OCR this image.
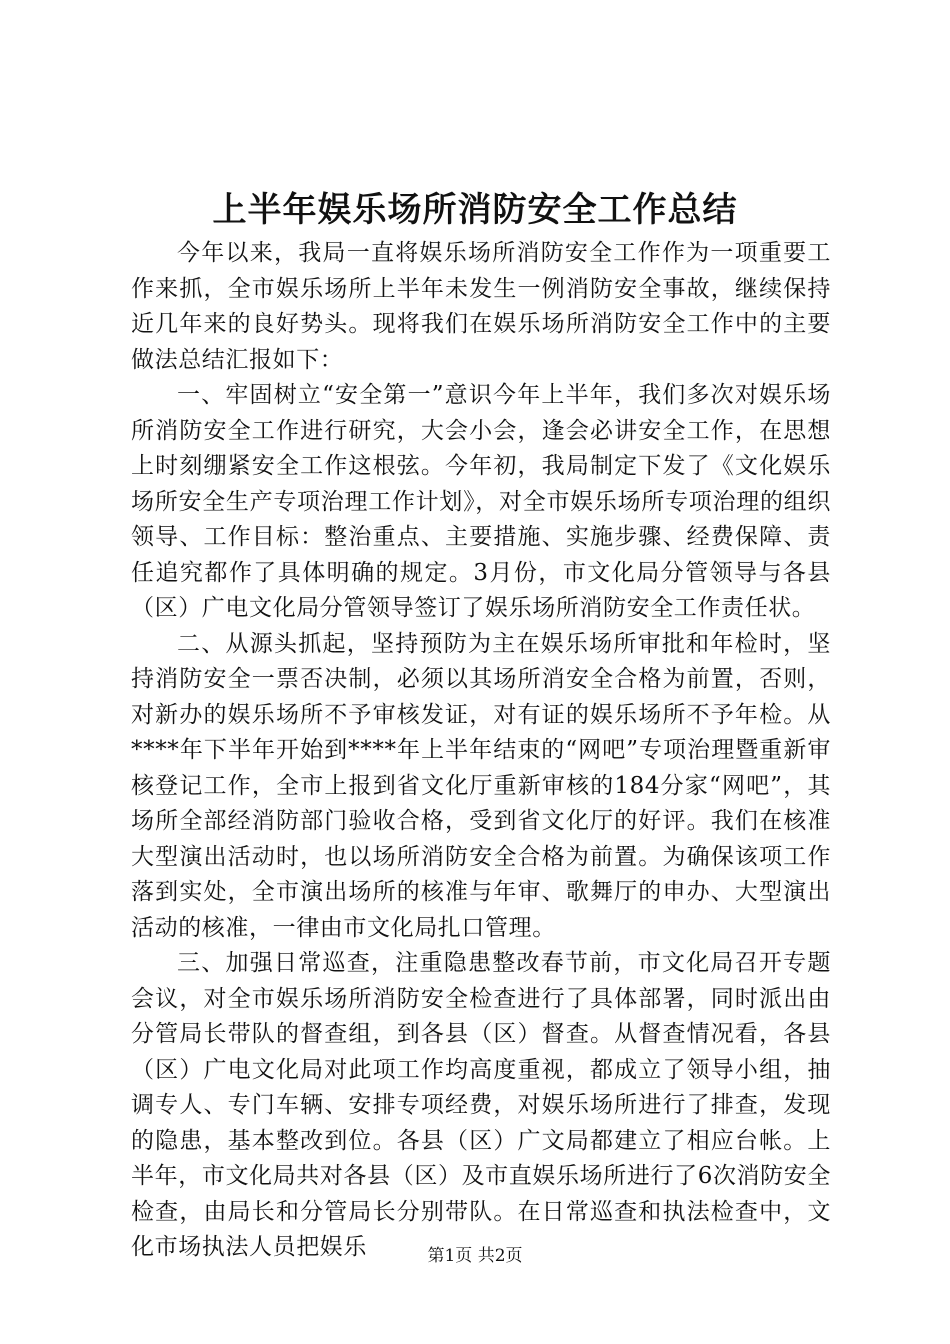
上半年娱乐场所消防安全工作总结

今年以来，我局一直将娱乐场所消防安全工作作为一项重要工作来抓，全市娱乐场所上半年未发生一例消防安全事故，继续保持近几年来的良好势头。现将我们在娱乐场所消防安全工作中的主要做法总结汇报如下：

一、牢固树立“安全第一”意识今年上半年，我们多次对娱乐场所消防安全工作进行研究，大会小会，逢会必讲安全工作，在思想上时刻绷紧安全工作这根弦。今年初，我局制定下发了《文化娱乐场所安全生产专项治理工作计划》，对全市娱乐场所专项治理的组织领导、工作目标：整治重点、主要措施、实施步骤、经费保障、责任追究都作了具体明确的规定。3月份，市文化局分管领导与各县（区）广电文化局分管领导签订了娱乐场所消防安全工作责任状。

二、从源头抓起，坚持预防为主在娱乐场所审批和年检时，坚持消防安全一票否决制，必须以其场所消安全合格为前置，否则，对新办的娱乐场所不予审核发证，对有证的娱乐场所不予年检。从****年下半年开始到****年上半年结束的“网吧”专项治理暨重新审核登记工作，全市上报到省文化厅重新审核的184分家“网吧”，其场所全部经消防部门验收合格，受到省文化厅的好评。我们在核准大型演出活动时，也以场所消防安全合格为前置。为确保该项工作落到实处，全市演出场所的核准与年审、歌舞厅的申办、大型演出活动的核准，一律由市文化局扎口管理。

三、加强日常巡查，注重隐患整改春节前，市文化局召开专题会议，对全市娱乐场所消防安全检查进行了具体部署，同时派出由分管局长带队的督查组，到各县（区）督查。从督查情况看，各县（区）广电文化局对此项工作均高度重视，都成立了领导小组，抽调专人、专门车辆、安排专项经费，对娱乐场所进行了排查，发现的隐患，基本整改到位。各县（区）广文局都建立了相应台帐。上半年，市文化局共对各县（区）及市直娱乐场所进行了6次消防安全检查，由局长和分管局长分别带队。在日常巡查和执法检查中，文化市场执法人员把娱乐	第1页 共2页
